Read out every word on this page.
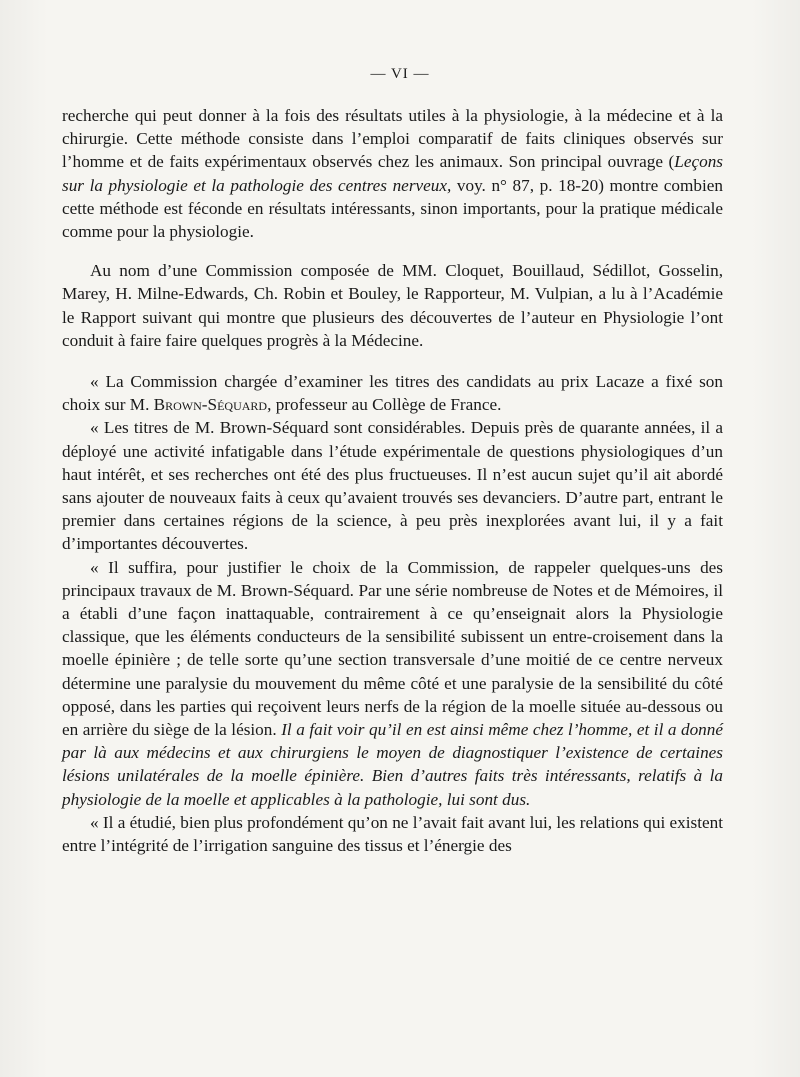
— VI —

recherche qui peut donner à la fois des résultats utiles à la physiologie, à la médecine et à la chirurgie. Cette méthode consiste dans l’emploi comparatif de faits cliniques observés sur l’homme et de faits expérimentaux observés chez les animaux. Son principal ouvrage (Leçons sur la physiologie et la pathologie des centres nerveux, voy. n° 87, p. 18-20) montre combien cette méthode est féconde en résultats intéressants, sinon importants, pour la pratique médicale comme pour la physiologie.

Au nom d’une Commission composée de MM. Cloquet, Bouillaud, Sédillot, Gosselin, Marey, H. Milne-Edwards, Ch. Robin et Bouley, le Rapporteur, M. Vulpian, a lu à l’Académie le Rapport suivant qui montre que plusieurs des découvertes de l’auteur en Physiologie l’ont conduit à faire faire quelques progrès à la Médecine.

« La Commission chargée d’examiner les titres des candidats au prix Lacaze a fixé son choix sur M. Brown-Séquard, professeur au Collège de France.

« Les titres de M. Brown-Séquard sont considérables. Depuis près de quarante années, il a déployé une activité infatigable dans l’étude expérimentale de questions physiologiques d’un haut intérêt, et ses recherches ont été des plus fructueuses. Il n’est aucun sujet qu’il ait abordé sans ajouter de nouveaux faits à ceux qu’avaient trouvés ses devanciers. D’autre part, entrant le premier dans certaines régions de la science, à peu près inexplorées avant lui, il y a fait d’importantes découvertes.

« Il suffira, pour justifier le choix de la Commission, de rappeler quelques-uns des principaux travaux de M. Brown-Séquard. Par une série nombreuse de Notes et de Mémoires, il a établi d’une façon inattaquable, contrairement à ce qu’enseignait alors la Physiologie classique, que les éléments conducteurs de la sensibilité subissent un entre-croisement dans la moelle épinière ; de telle sorte qu’une section transversale d’une moitié de ce centre nerveux détermine une paralysie du mouvement du même côté et une paralysie de la sensibilité du côté opposé, dans les parties qui reçoivent leurs nerfs de la région de la moelle située au-dessous ou en arrière du siège de la lésion. Il a fait voir qu’il en est ainsi même chez l’homme, et il a donné par là aux médecins et aux chirurgiens le moyen de diagnostiquer l’existence de certaines lésions unilatérales de la moelle épinière. Bien d’autres faits très intéressants, relatifs à la physiologie de la moelle et applicables à la pathologie, lui sont dus.

« Il a étudié, bien plus profondément qu’on ne l’avait fait avant lui, les relations qui existent entre l’intégrité de l’irrigation sanguine des tissus et l’énergie des
